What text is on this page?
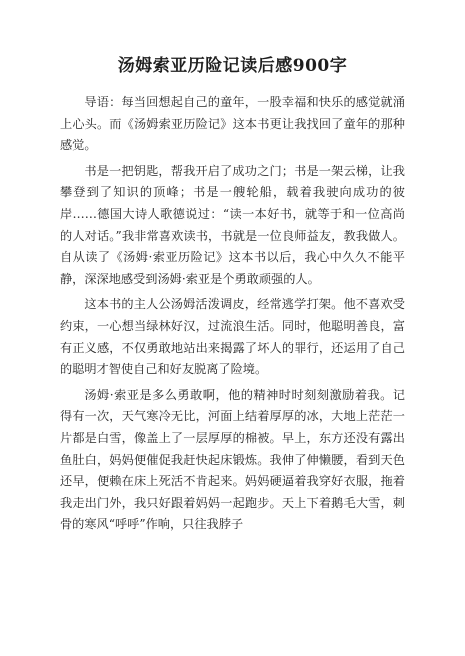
汤姆索亚历险记读后感900字

导语：每当回想起自己的童年，一股幸福和快乐的感觉就涌上心头。而《汤姆索亚历险记》这本书更让我找回了童年的那种感觉。

书是一把钥匙，帮我开启了成功之门；书是一架云梯，让我攀登到了知识的顶峰；书是一艘轮船，载着我驶向成功的彼岸……德国大诗人歌德说过：“读一本好书，就等于和一位高尚的人对话。”我非常喜欢读书，书就是一位良师益友，教我做人。自从读了《汤姆·索亚历险记》这本书以后，我心中久久不能平静，深深地感受到汤姆·索亚是个勇敢顽强的人。

这本书的主人公汤姆活泼调皮，经常逃学打架。他不喜欢受约束，一心想当绿林好汉，过流浪生活。同时，他聪明善良，富有正义感，不仅勇敢地站出来揭露了坏人的罪行，还运用了自己的聪明才智使自己和好友脱离了险境。

汤姆·索亚是多么勇敢啊，他的精神时时刻刻激励着我。记得有一次，天气寒冷无比，河面上结着厚厚的冰，大地上茫茫一片都是白雪，像盖上了一层厚厚的棉被。早上，东方还没有露出鱼肚白，妈妈便催促我赶快起床锻炼。我伸了伸懒腰，看到天色还早，便赖在床上死活不肯起来。妈妈硬逼着我穿好衣服，拖着我走出门外，我只好跟着妈妈一起跑步。天上下着鹅毛大雪，刺骨的寒风“呼呼”作响，只往我脖子
